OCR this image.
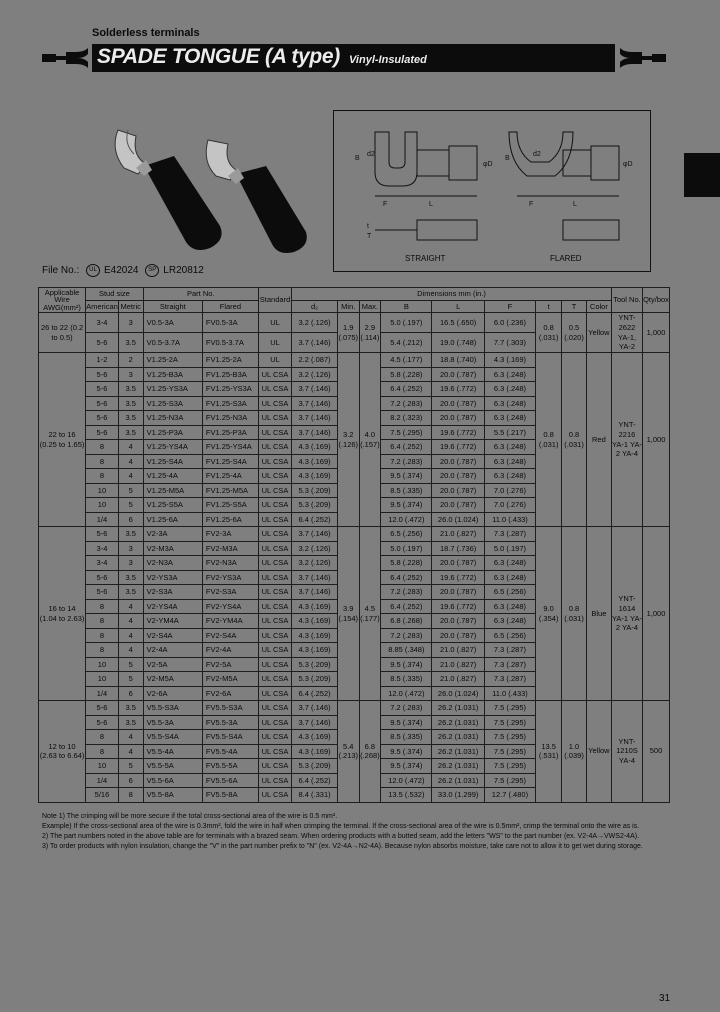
Solderless terminals
SPADE TONGUE (A type) Vinyl-Insulated
File No.: UL E42024 SP LR20812
B
d2
L
F
t
T
φD
B
d2
L
F
φD
STRAIGHT	FLARED
Applicable Wire AWG(mm²)	Stud size		Part No.		Standard	Dimensions mm (in.)									Tool No.	Qty/box
	American	Metric	Straight	Flared		d₂	Min.	Max.	B	L	F	t	T	Color		
26 to 22 (0.2 to 0.5)	3-4	3	V0.5-3A	FV0.5-3A	UL	3.2 (.126)	1.9 (.075)	2.9 (.114)	5.0 (.197)	16.5 (.650)	6.0 (.236)	0.8 (.031)	0.5 (.020)	Yellow	YNT-2622 YA-1, YA-2	1,000
	5-6	3.5	V0.5-3.7A	FV0.5-3.7A	UL	3.7 (.146)			5.4 (.212)	19.0 (.748)	7.7 (.303)					
22 to 16 (0.25 to 1.65)	1-2	2	V1.25-2A	FV1.25-2A	UL	2.2 (.087)	3.2 (.126)	4.0 (.157)	4.5 (.177)	18.8 (.740)	4.3 (.169)	0.8 (.031)	0.8 (.031)	Red	YNT-2216 YA-1 YA-2 YA-4	1,000
	5-6	3	V1.25-B3A	FV1.25-B3A	UL CSA	3.2 (.126)			5.8 (.228)	20.0 (.787)	6.3 (.248)					
	5-6	3.5	V1.25-YS3A	FV1.25-YS3A	UL CSA	3.7 (.146)			6.4 (.252)	19.6 (.772)	6.3 (.248)					
	5-6	3.5	V1.25-S3A	FV1.25-S3A	UL CSA	3.7 (.146)			7.2 (.283)	20.0 (.787)	6.3 (.248)					
	5-6	3.5	V1.25-N3A	FV1.25-N3A	UL CSA	3.7 (.146)			8.2 (.323)	20.0 (.787)	6.3 (.248)					
	5-6	3.5	V1.25-P3A	FV1.25-P3A	UL CSA	3.7 (.146)			7.5 (.295)	19.6 (.772)	5.5 (.217)					
	8	4	V1.25-YS4A	FV1.25-YS4A	UL CSA	4.3 (.169)			6.4 (.252)	19.6 (.772)	6.3 (.248)					
	8	4	V1.25-S4A	FV1.25-S4A	UL CSA	4.3 (.169)			7.2 (.283)	20.0 (.787)	6.3 (.248)					
	8	4	V1.25-4A	FV1.25-4A	UL CSA	4.3 (.169)			9.5 (.374)	20.0 (.787)	6.3 (.248)					
	10	5	V1.25-M5A	FV1.25-M5A	UL CSA	5.3 (.209)			8.5 (.335)	20.0 (.787)	7.0 (.276)					
	10	5	V1.25-S5A	FV1.25-S5A	UL CSA	5.3 (.209)			9.5 (.374)	20.0 (.787)	7.0 (.276)					
	1/4	6	V1.25-6A	FV1.25-6A	UL CSA	6.4 (.252)			12.0 (.472)	26.0 (1.024)	11.0 (.433)					
16 to 14 (1.04 to 2.63)	5-6	3.5	V2-3A	FV2-3A	UL CSA	3.7 (.146)	3.9 (.154)	4.5 (.177)	6.5 (.256)	21.0 (.827)	7.3 (.287)	9.0 (.354)	0.8 (.031)	Blue	YNT-1614 YA-1 YA-2 YA-4	1,000
	3-4	3	V2-M3A	FV2-M3A	UL CSA	3.2 (.126)			5.0 (.197)	18.7 (.736)	5.0 (.197)					
	3-4	3	V2-N3A	FV2-N3A	UL CSA	3.2 (.126)			5.8 (.228)	20.0 (.787)	6.3 (.248)					
	5-6	3.5	V2-YS3A	FV2-YS3A	UL CSA	3.7 (.146)			6.4 (.252)	19.6 (.772)	6.3 (.248)					
	5-6	3.5	V2-S3A	FV2-S3A	UL CSA	3.7 (.146)			7.2 (.283)	20.0 (.787)	6.5 (.256)					
	8	4	V2-YS4A	FV2-YS4A	UL CSA	4.3 (.169)			6.4 (.252)	19.6 (.772)	6.3 (.248)					
	8	4	V2-YM4A	FV2-YM4A	UL CSA	4.3 (.169)			6.8 (.268)	20.0 (.787)	6.3 (.248)					
	8	4	V2-S4A	FV2-S4A	UL CSA	4.3 (.169)			7.2 (.283)	20.0 (.787)	6.5 (.256)					
	8	4	V2-4A	FV2-4A	UL CSA	4.3 (.169)			8.85 (.348)	21.0 (.827)	7.3 (.287)					
	10	5	V2-5A	FV2-5A	UL CSA	5.3 (.209)			9.5 (.374)	21.0 (.827)	7.3 (.287)					
	10	5	V2-M5A	FV2-M5A	UL CSA	5.3 (.209)			8.5 (.335)	21.0 (.827)	7.3 (.287)					
	1/4	6	V2-6A	FV2-6A	UL CSA	6.4 (.252)			12.0 (.472)	26.0 (1.024)	11.0 (.433)					
12 to 10 (2.63 to 6.64)	5-6	3.5	V5.5-S3A	FV5.5-S3A	UL CSA	3.7 (.146)	5.4 (.213)	6.8 (.268)	7.2 (.283)	26.2 (1.031)	7.5 (.295)	13.5 (.531)	1.0 (.039)	Yellow	YNT-1210S YA-4	500
	5-6	3.5	V5.5-3A	FV5.5-3A	UL CSA	3.7 (.146)			9.5 (.374)	26.2 (1.031)	7.5 (.295)					
	8	4	V5.5-S4A	FV5.5-S4A	UL CSA	4.3 (.169)			8.5 (.335)	26.2 (1.031)	7.5 (.295)					
	8	4	V5.5-4A	FV5.5-4A	UL CSA	4.3 (.169)			9.5 (.374)	26.2 (1.031)	7.5 (.295)					
	10	5	V5.5-5A	FV5.5-5A	UL CSA	5.3 (.209)			9.5 (.374)	26.2 (1.031)	7.5 (.295)					
	1/4	6	V5.5-6A	FV5.5-6A	UL CSA	6.4 (.252)			12.0 (.472)	26.2 (1.031)	7.5 (.295)					
	5/16	8	V5.5-8A	FV5.5-8A	UL CSA	8.4 (.331)			13.5 (.532)	33.0 (1.299)	12.7 (.480)					
Note 1) The crimping will be more secure if the total cross-sectional area of the wire is 0.5 mm².
Example) If the cross-sectional area of the wire is 0.3mm², fold the wire in half when crimping the terminal. If the cross-sectional area of the wire is 0.5mm², crimp the terminal onto the wire as is.
2) The part numbers noted in the above table are for terminals with a brazed seam. When ordering products with a butted seam, add the letters "WS" to the part number (ex. V2-4A→VWS2-4A).
3) To order products with nylon insulation, change the "V" in the part number prefix to "N" (ex. V2-4A→N2-4A). Because nylon absorbs moisture, take care not to allow it to get wet during storage.
31
